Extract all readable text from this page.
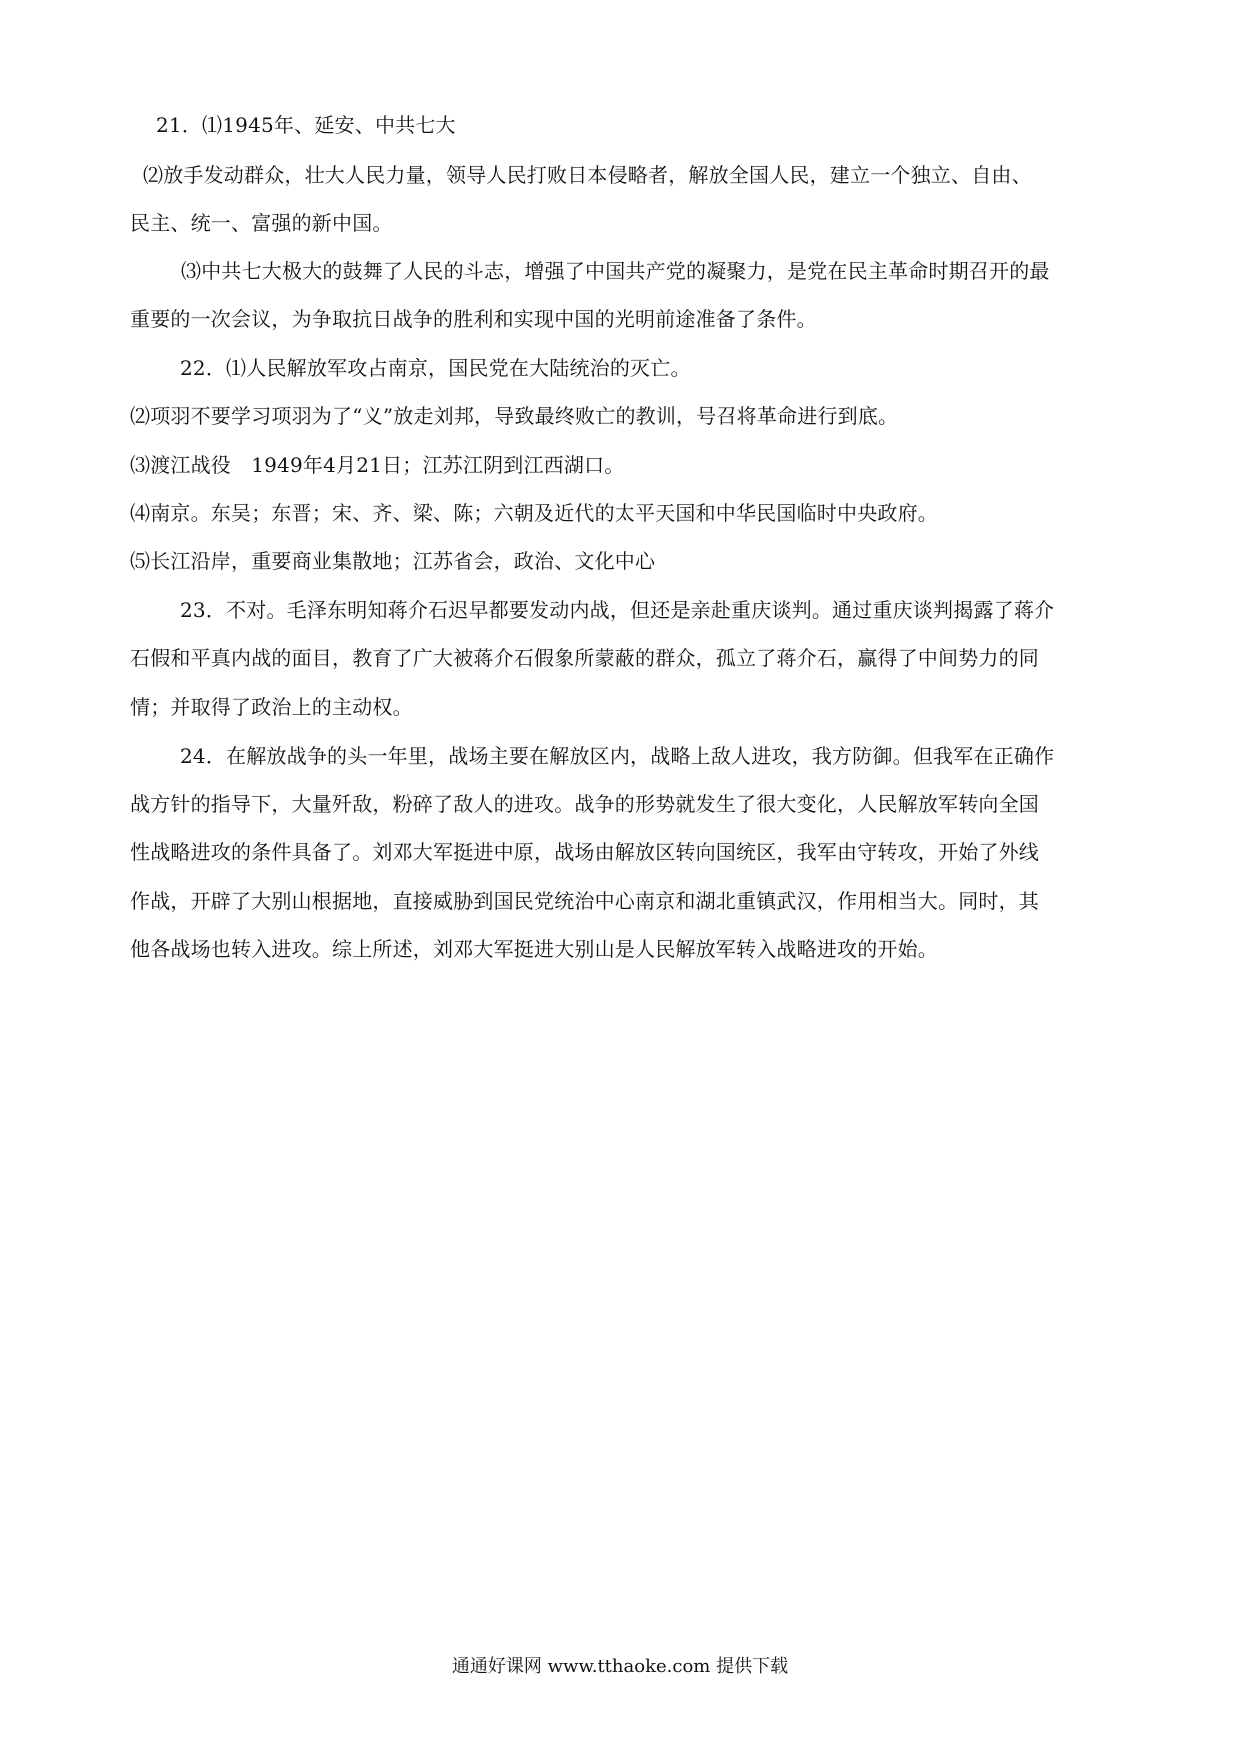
21．⑴1945年、延安、中共七大
⑵放手发动群众，壮大人民力量，领导人民打败日本侵略者，解放全国人民，建立一个独立、自由、
民主、统一、富强的新中国。
⑶中共七大极大的鼓舞了人民的斗志，增强了中国共产党的凝聚力，是党在民主革命时期召开的最
重要的一次会议，为争取抗日战争的胜利和实现中国的光明前途准备了条件。
22．⑴人民解放军攻占南京，国民党在大陆统治的灭亡。
⑵项羽不要学习项羽为了“义”放走刘邦，导致最终败亡的教训，号召将革命进行到底。
⑶渡江战役　1949年4月21日；江苏江阴到江西湖口。
⑷南京。东吴；东晋；宋、齐、梁、陈；六朝及近代的太平天国和中华民国临时中央政府。
⑸长江沿岸，重要商业集散地；江苏省会，政治、文化中心
23．不对。毛泽东明知蒋介石迟早都要发动内战，但还是亲赴重庆谈判。通过重庆谈判揭露了蒋介
石假和平真内战的面目，教育了广大被蒋介石假象所蒙蔽的群众，孤立了蒋介石，赢得了中间势力的同
情；并取得了政治上的主动权。
24．在解放战争的头一年里，战场主要在解放区内，战略上敌人进攻，我方防御。但我军在正确作
战方针的指导下，大量歼敌，粉碎了敌人的进攻。战争的形势就发生了很大变化，人民解放军转向全国
性战略进攻的条件具备了。刘邓大军挺进中原，战场由解放区转向国统区，我军由守转攻，开始了外线
作战，开辟了大别山根据地，直接威胁到国民党统治中心南京和湖北重镇武汉，作用相当大。同时，其
他各战场也转入进攻。综上所述，刘邓大军挺进大别山是人民解放军转入战略进攻的开始。
通通好课网 www.tthaoke.com 提供下载
